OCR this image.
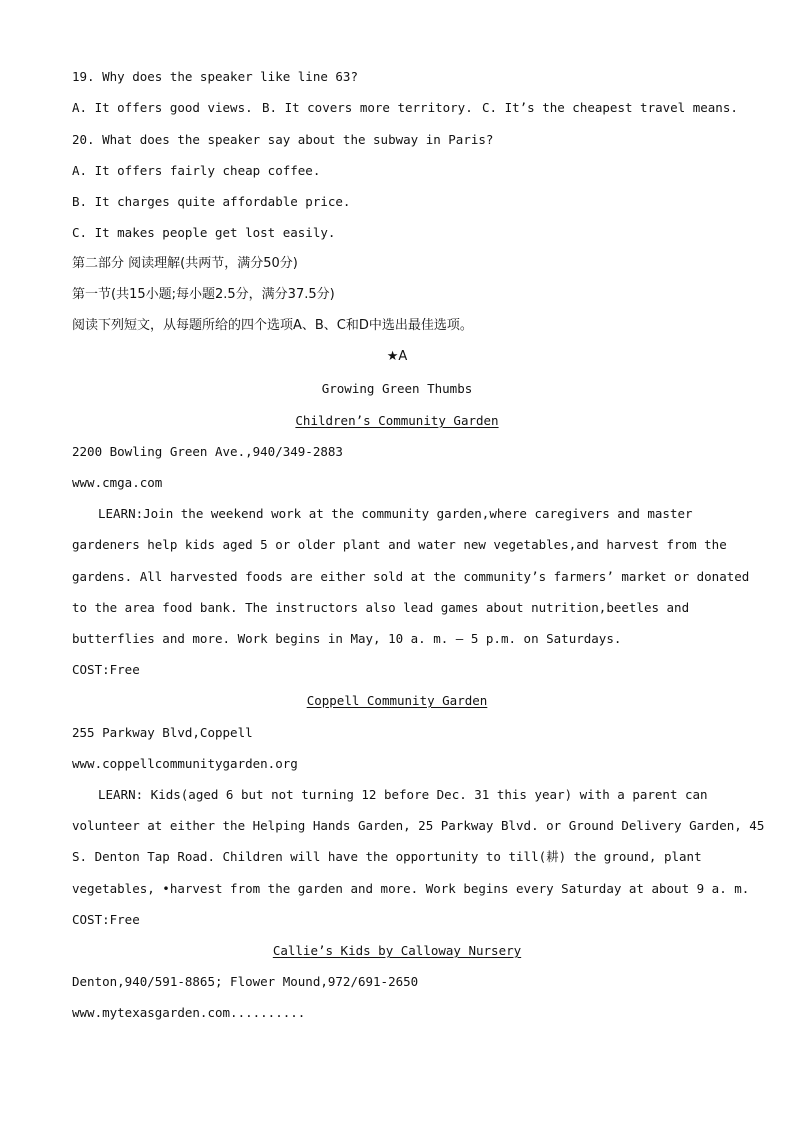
19. Why does the speaker like line 63?
A. It offers good views. B. It covers more territory. C. It’s the cheapest travel means.
20. What does the speaker say about the subway in Paris?
A. It offers fairly cheap coffee.
B. It charges quite affordable price.
C. It makes people get lost easily.
第二部分 阅读理解(共两节，满分50分)
第一节(共15小题;每小题2.5分，满分37.5分)
阅读下列短文，从每题所给的四个选项A、B、C和D中选出最佳选项。
★A
Growing Green Thumbs
Children’s Community Garden
2200 Bowling Green Ave.,940/349-2883
www.cmga.com
LEARN:Join the weekend work at the community garden,where caregivers and master
gardeners help kids aged 5 or older plant and water new vegetables,and harvest from the
gardens. All harvested foods are either sold at the community’s farmers’ market or donated
to the area food bank. The instructors also lead games about nutrition,beetles and
butterflies and more. Work begins in May, 10 a. m. – 5 p.m. on Saturdays.
COST:Free
Coppell Community Garden
255 Parkway Blvd,Coppell
www.coppellcommunitygarden.org
LEARN: Kids(aged 6 but not turning 12 before Dec. 31 this year) with a parent can
volunteer at either the Helping Hands Garden, 25 Parkway Blvd. or Ground Delivery Garden, 45
S. Denton Tap Road. Children will have the opportunity to till(耕) the ground, plant
vegetables, •harvest from the garden and more. Work begins every Saturday at about 9 a. m.
COST:Free
Callie’s Kids by Calloway Nursery
Denton,940/591-8865; Flower Mound,972/691-2650
www.mytexasgarden.com..........
